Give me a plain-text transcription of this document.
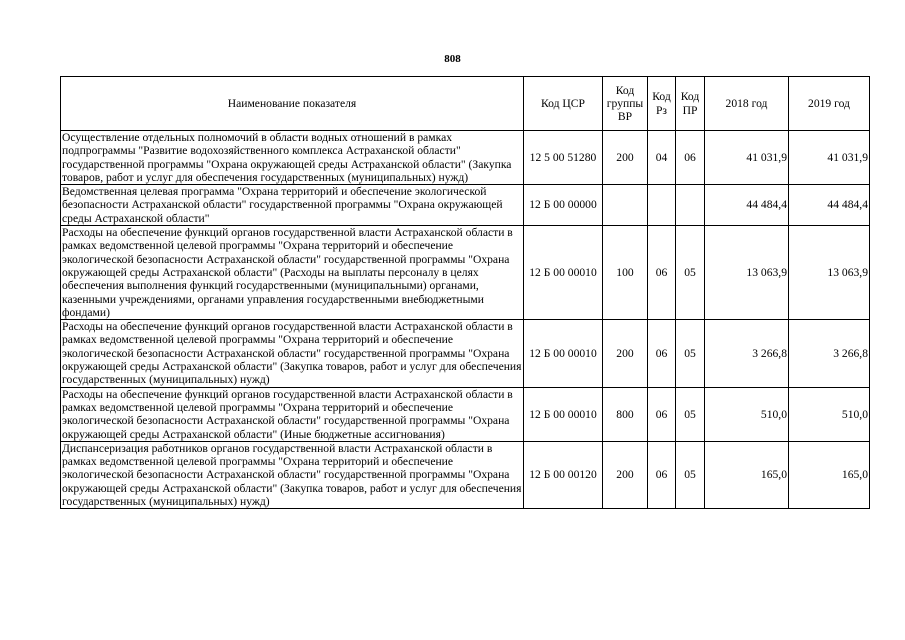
808
Наименование показателя	Код ЦСР	Код группы ВР	Код Рз	Код ПР	2018 год	2019 год
Осуществление отдельных полномочий в области водных отношений в рамках подпрограммы "Развитие водохозяйственного комплекса Астраханской области" государственной программы "Охрана окружающей среды Астраханской области" (Закупка товаров, работ и услуг для обеспечения государственных (муниципальных) нужд)	12 5 00 51280	200	04	06	41 031,9	41 031,9
Ведомственная целевая программа "Охрана территорий и обеспечение экологической безопасности Астраханской области" государственной программы "Охрана окружающей среды Астраханской области"	12 Б 00 00000				44 484,4	44 484,4
Расходы на обеспечение функций органов государственной власти Астраханской области в рамках ведомственной целевой программы "Охрана территорий и обеспечение экологической безопасности Астраханской области" государственной программы "Охрана окружающей среды Астраханской области" (Расходы на выплаты персоналу в целях обеспечения выполнения функций государственными (муниципальными) органами, казенными учреждениями, органами управления государственными внебюджетными фондами)	12 Б 00 00010	100	06	05	13 063,9	13 063,9
Расходы на обеспечение функций органов государственной власти Астраханской области в рамках ведомственной целевой программы "Охрана территорий и обеспечение экологической безопасности Астраханской области" государственной программы "Охрана окружающей среды Астраханской области" (Закупка товаров, работ и услуг для обеспечения государственных (муниципальных) нужд)	12 Б 00 00010	200	06	05	3 266,8	3 266,8
Расходы на обеспечение функций органов государственной власти Астраханской области в рамках ведомственной целевой программы "Охрана территорий и обеспечение экологической безопасности Астраханской области" государственной программы "Охрана окружающей среды Астраханской области" (Иные бюджетные ассигнования)	12 Б 00 00010	800	06	05	510,0	510,0
Диспансеризация работников органов государственной власти Астраханской области в рамках ведомственной целевой программы "Охрана территорий и обеспечение экологической безопасности Астраханской области" государственной программы "Охрана окружающей среды Астраханской области" (Закупка товаров, работ и услуг для обеспечения государственных (муниципальных) нужд)	12 Б 00 00120	200	06	05	165,0	165,0
